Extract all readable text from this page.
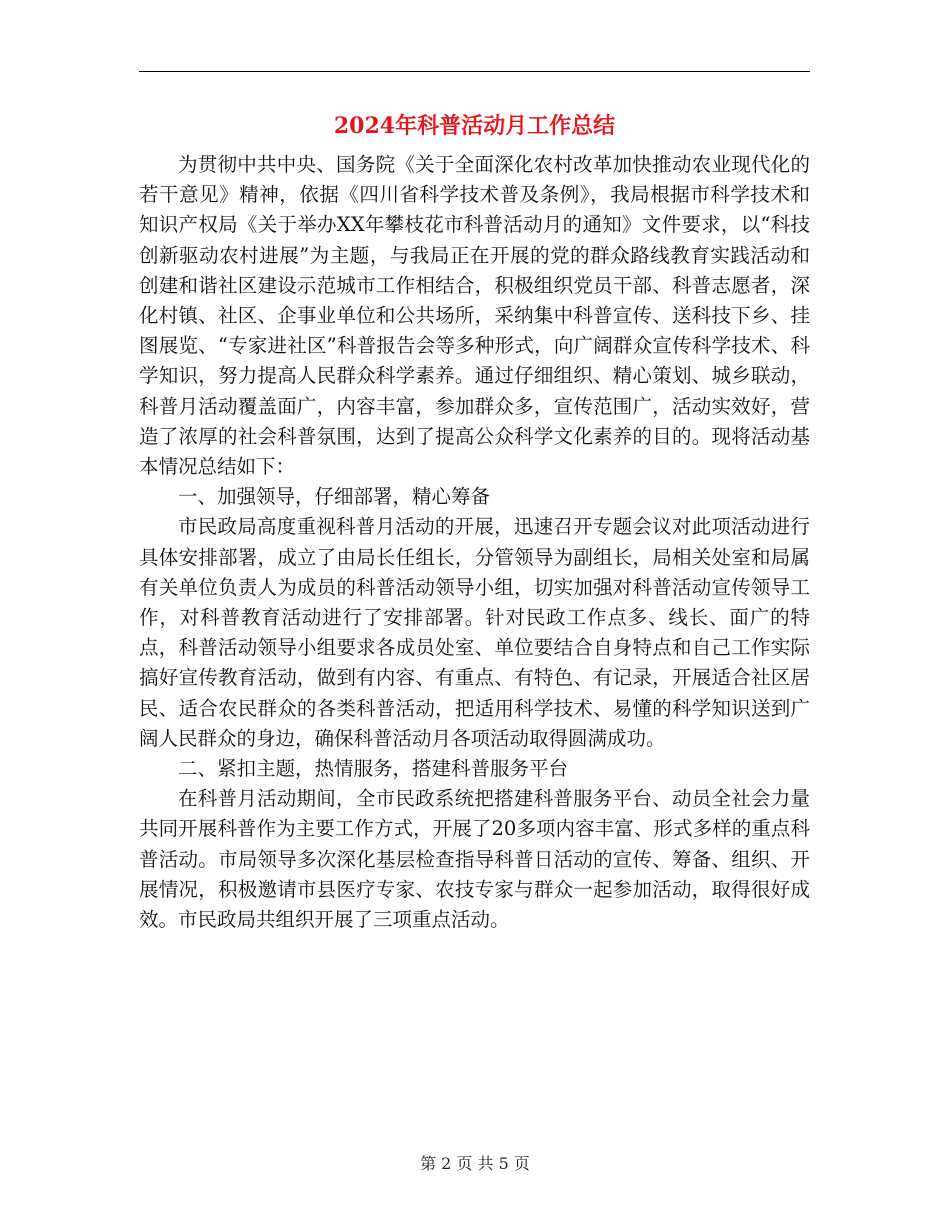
2024年科普活动月工作总结

为贯彻中共中央、国务院《关于全面深化农村改革加快推动农业现代化的若干意见》精神，依据《四川省科学技术普及条例》，我局根据市科学技术和知识产权局《关于举办XX年攀枝花市科普活动月的通知》文件要求，以“科技创新驱动农村进展”为主题，与我局正在开展的党的群众路线教育实践活动和创建和谐社区建设示范城市工作相结合，积极组织党员干部、科普志愿者，深化村镇、社区、企事业单位和公共场所，采纳集中科普宣传、送科技下乡、挂图展览、“专家进社区”科普报告会等多种形式，向广阔群众宣传科学技术、科学知识，努力提高人民群众科学素养。通过仔细组织、精心策划、城乡联动，科普月活动覆盖面广，内容丰富，参加群众多，宣传范围广，活动实效好，营造了浓厚的社会科普氛围，达到了提高公众科学文化素养的目的。现将活动基本情况总结如下：

一、加强领导，仔细部署，精心筹备

市民政局高度重视科普月活动的开展，迅速召开专题会议对此项活动进行具体安排部署，成立了由局长任组长，分管领导为副组长，局相关处室和局属有关单位负责人为成员的科普活动领导小组，切实加强对科普活动宣传领导工作，对科普教育活动进行了安排部署。针对民政工作点多、线长、面广的特点，科普活动领导小组要求各成员处室、单位要结合自身特点和自己工作实际搞好宣传教育活动，做到有内容、有重点、有特色、有记录，开展适合社区居民、适合农民群众的各类科普活动，把适用科学技术、易懂的科学知识送到广阔人民群众的身边，确保科普活动月各项活动取得圆满成功。

二、紧扣主题，热情服务，搭建科普服务平台

在科普月活动期间，全市民政系统把搭建科普服务平台、动员全社会力量共同开展科普作为主要工作方式，开展了20多项内容丰富、形式多样的重点科普活动。市局领导多次深化基层检查指导科普日活动的宣传、筹备、组织、开展情况，积极邀请市县医疗专家、农技专家与群众一起参加活动，取得很好成效。市民政局共组织开展了三项重点活动。

第 2 页 共 5 页
